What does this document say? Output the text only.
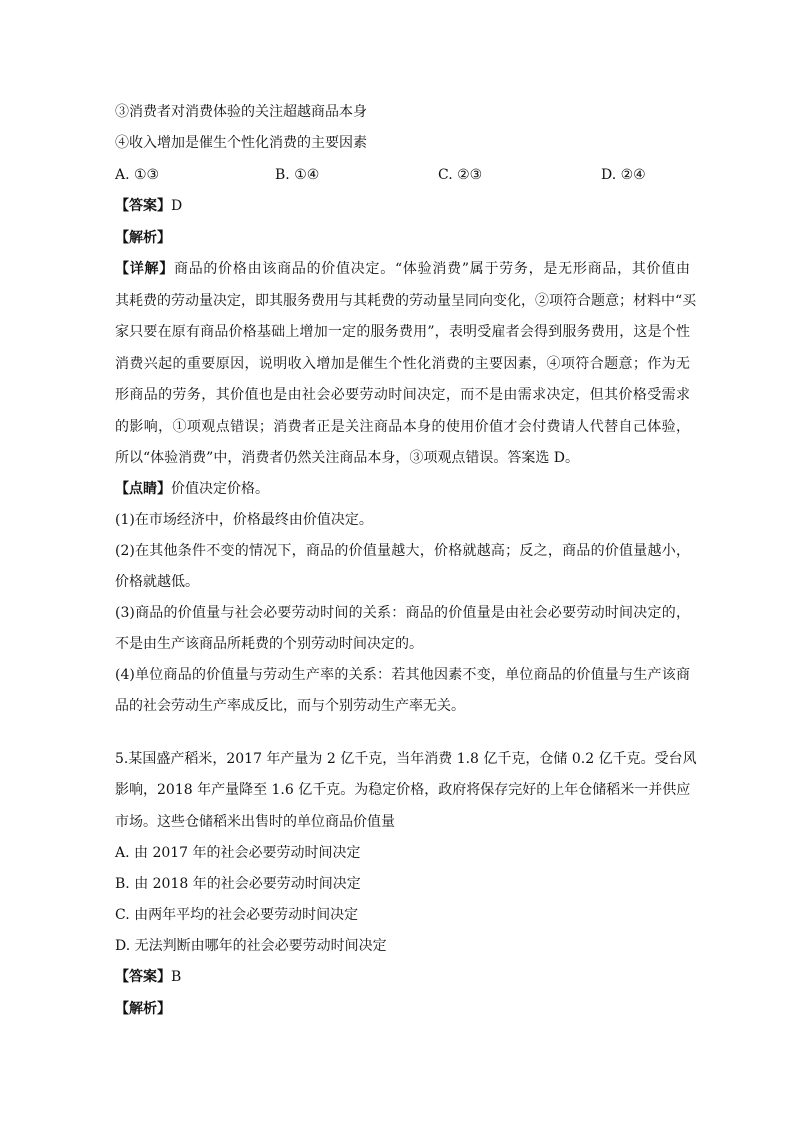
③消费者对消费体验的关注超越商品本身
④收入增加是催生个性化消费的主要因素
A. ①③	B. ①④	C. ②③	D. ②④
【答案】D
【解析】
【详解】商品的价格由该商品的价值决定。“体验消费”属于劳务，是无形商品，其价值由
其耗费的劳动量决定，即其服务费用与其耗费的劳动量呈同向变化，②项符合题意；材料中“买
家只要在原有商品价格基础上增加一定的服务费用”，表明受雇者会得到服务费用，这是个性
消费兴起的重要原因，说明收入增加是催生个性化消费的主要因素，④项符合题意；作为无
形商品的劳务，其价值也是由社会必要劳动时间决定，而不是由需求决定，但其价格受需求
的影响，①项观点错误；消费者正是关注商品本身的使用价值才会付费请人代替自己体验，
所以“体验消费”中，消费者仍然关注商品本身，③项观点错误。答案选 D。
【点睛】价值决定价格。
(1)在市场经济中，价格最终由价值决定。
(2)在其他条件不变的情况下，商品的价值量越大，价格就越高；反之，商品的价值量越小，
价格就越低。
(3)商品的价值量与社会必要劳动时间的关系：商品的价值量是由社会必要劳动时间决定的，
不是由生产该商品所耗费的个别劳动时间决定的。
(4)单位商品的价值量与劳动生产率的关系：若其他因素不变，单位商品的价值量与生产该商
品的社会劳动生产率成反比，而与个别劳动生产率无关。
5.某国盛产稻米，2017 年产量为 2 亿千克，当年消费 1.8 亿千克，仓储 0.2 亿千克。受台风
影响，2018 年产量降至 1.6 亿千克。为稳定价格，政府将保存完好的上年仓储稻米一并供应
市场。这些仓储稻米出售时的单位商品价值量
A. 由 2017 年的社会必要劳动时间决定
B. 由 2018 年的社会必要劳动时间决定
C. 由两年平均的社会必要劳动时间决定
D. 无法判断由哪年的社会必要劳动时间决定
【答案】B
【解析】
